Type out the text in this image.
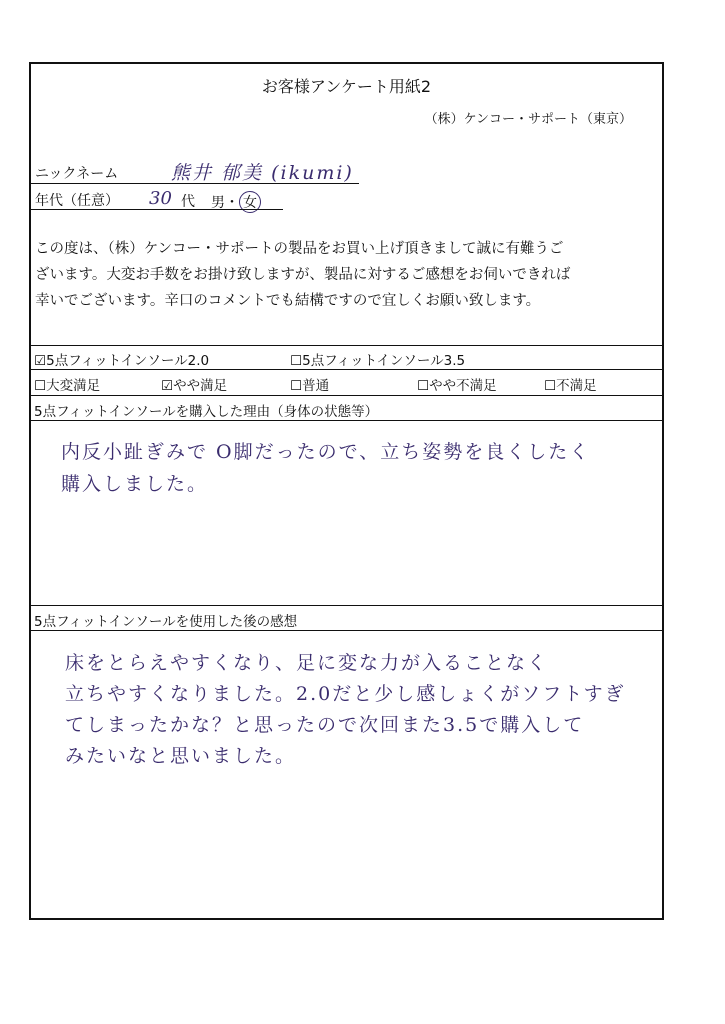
お客様アンケート用紙2
（株）ケンコー・サポート（東京）
ニックネーム	熊井 郁美 (ikumi)
年代（任意） 30 代 男・ 女
この度は、（株）ケンコー・サポートの製品をお買い上げ頂きまして誠に有難うご
ざいます。大変お手数をお掛け致しますが、製品に対するご感想をお伺いできれば
幸いでございます。辛口のコメントでも結構ですので宜しくお願い致します。
☑5点フィットインソール2.0	☐5点フィットインソール3.5
☐大変満足	☑やや満足	☐普通	☐やや不満足	☐不満足
5点フィットインソールを購入した理由（身体の状態等）
内反小趾ぎみで O脚だったので、立ち姿勢を良くしたく
購入しました。
5点フィットインソールを使用した後の感想
床をとらえやすくなり、足に変な力が入ることなく
立ちやすくなりました。2.0だと少し感しょくがソフトすぎ
てしまったかな？と思ったので次回また3.5で購入して
みたいなと思いました。
